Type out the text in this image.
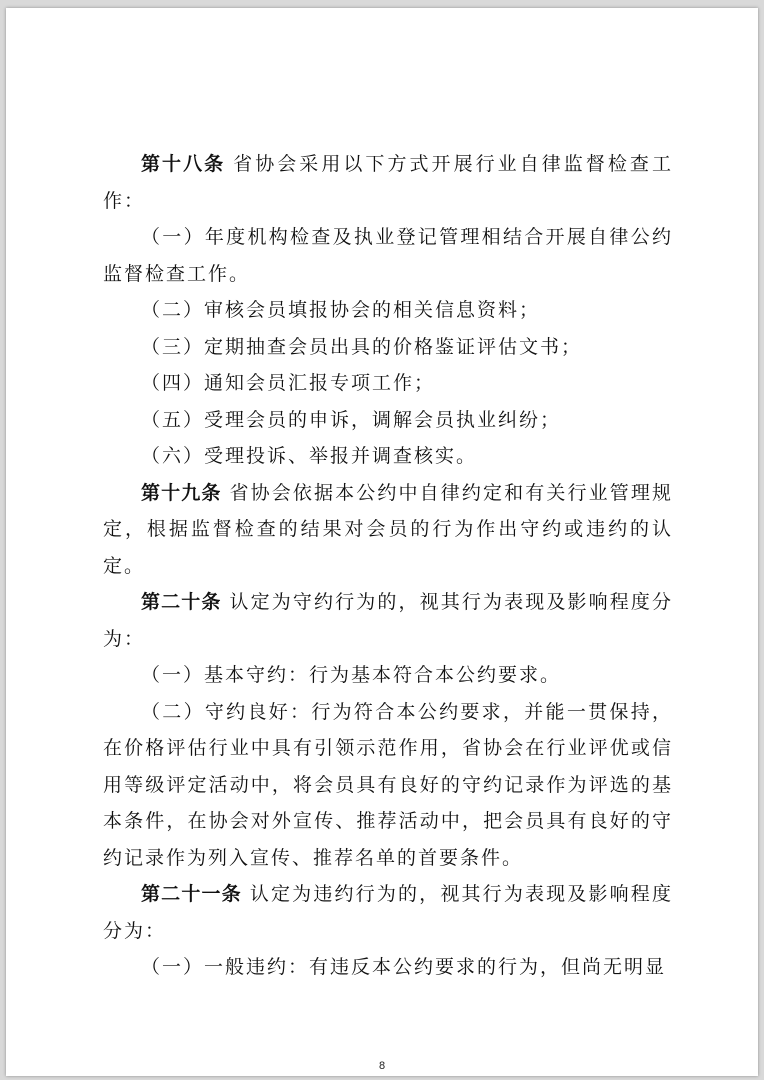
第十八条 省协会采用以下方式开展行业自律监督检查工作：

（一）年度机构检查及执业登记管理相结合开展自律公约监督检查工作。

（二）审核会员填报协会的相关信息资料；

（三）定期抽查会员出具的价格鉴证评估文书；

（四）通知会员汇报专项工作；

（五）受理会员的申诉，调解会员执业纠纷；

（六）受理投诉、举报并调查核实。

第十九条 省协会依据本公约中自律约定和有关行业管理规定，根据监督检查的结果对会员的行为作出守约或违约的认定。

第二十条 认定为守约行为的，视其行为表现及影响程度分为：

（一）基本守约：行为基本符合本公约要求。

（二）守约良好：行为符合本公约要求，并能一贯保持，在价格评估行业中具有引领示范作用，省协会在行业评优或信用等级评定活动中，将会员具有良好的守约记录作为评选的基本条件，在协会对外宣传、推荐活动中，把会员具有良好的守约记录作为列入宣传、推荐名单的首要条件。

第二十一条 认定为违约行为的，视其行为表现及影响程度分为：

（一）一般违约：有违反本公约要求的行为，但尚无明显

8
